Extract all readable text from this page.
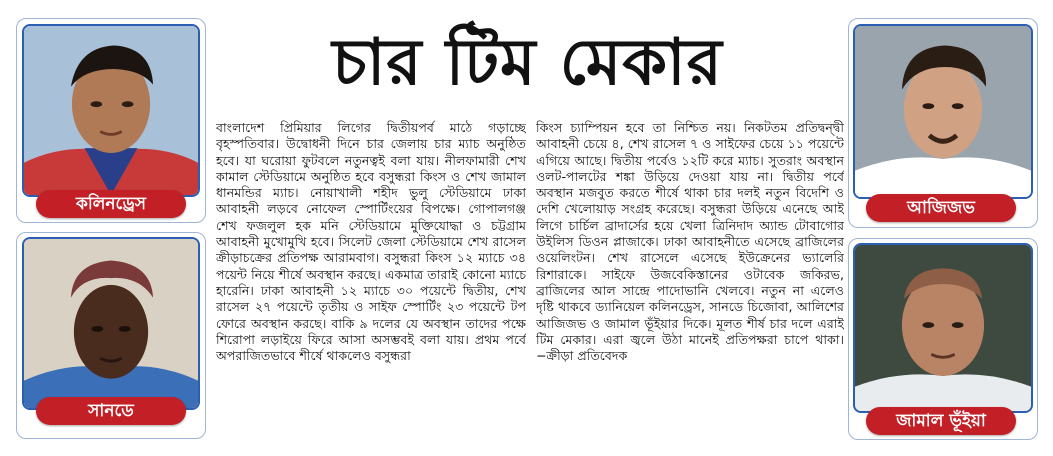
কলিনড্রেস
সানডে
চার টিম মেকার
বাংলাদেশ প্রিমিয়ার লিগের দ্বিতীয়পর্ব মাঠে গড়াচ্ছে বৃহস্পতিবার। উদ্বোধনী দিনে চার জেলায় চার ম্যাচ অনুষ্ঠিত হবে। যা ঘরোয়া ফুটবলে নতুনত্বই বলা যায়। নীলফামারী শেখ কামাল স্টেডিয়ামে অনুষ্ঠিত হবে বসুন্ধরা কিংস ও শেখ জামাল ধানমন্ডির ম্যাচ। নোয়াখালী শহীদ ভুলু স্টেডিয়ামে ঢাকা আবাহনী লড়বে নোফেল স্পোর্টিংয়ের বিপক্ষে। গোপালগঞ্জ শেখ ফজলুল হক মনি স্টেডিয়ামে মুক্তিযোদ্ধা ও চট্টগ্রাম আবাহনী মুখোমুখি হবে। সিলেট জেলা স্টেডিয়ামে শেখ রাসেল ক্রীড়াচক্রের প্রতিপক্ষ আরামবাগ। বসুন্ধরা কিংস ১২ ম্যাচে ৩৪ পয়েন্ট নিয়ে শীর্ষে অবস্থান করছে। একমাত্র তারাই কোনো ম্যাচে হারেনি। ঢাকা আবাহনী ১২ ম্যাচে ৩০ পয়েন্টে দ্বিতীয়, শেখ রাসেল ২৭ পয়েন্টে তৃতীয় ও সাইফ স্পোর্টিং ২৩ পয়েন্টে টপ ফোরে অবস্থান করছে। বাকি ৯ দলের যে অবস্থান তাদের পক্ষে শিরোপা লড়াইয়ে ফিরে আসা অসম্ভবই বলা যায়। প্রথম পর্বে অপরাজিতভাবে শীর্ষে থাকলেও বসুন্ধরা
কিংস চ্যাম্পিয়ন হবে তা নিশ্চিত নয়। নিকটতম প্রতিদ্বন্দ্বী আবাহনী চেয়ে ৪, শেখ রাসেল ৭ ও সাইফের চেয়ে ১১ পয়েন্টে এগিয়ে আছে। দ্বিতীয় পর্বেও ১২টি করে ম্যাচ। সুতরাং অবস্থান ওলট-পালটের শঙ্কা উড়িয়ে দেওয়া যায় না। দ্বিতীয় পর্বে অবস্থান মজবুত করতে শীর্ষে থাকা চার দলই নতুন বিদেশি ও দেশি খেলোয়াড় সংগ্রহ করেছে। বসুন্ধরা উড়িয়ে এনেছে আই লিগে চার্চিল ব্রাদার্সের হয়ে খেলা ত্রিনিদাদ অ্যান্ড টোবাগোর উইলিস ডিওন প্লাজাকে। ঢাকা আবাহনীতে এসেছে ব্রাজিলের ওয়েলিংটন। শেখ রাসেলে এসেছে ইউক্রেনের ভ্যালেরি রিশারাকে। সাইফে উজবেকিস্তানের ওটাবেক জকিরভ, ব্রাজিলের আল সান্দ্রে পাদোভানি খেলবে। নতুন না এলেও দৃষ্টি থাকবে ড্যানিয়েল কলিনড্রেস, সানডে চিজোবা, আলিশের আজিজভ ও জামাল ভূঁইয়ার দিকে। মূলত শীর্ষ চার দলে এরাই টিম মেকার। এরা জ্বলে উঠা মানেই প্রতিপক্ষরা চাপে থাকা। −ক্রীড়া প্রতিবেদক
আজিজভ
জামাল ভূঁইয়া
